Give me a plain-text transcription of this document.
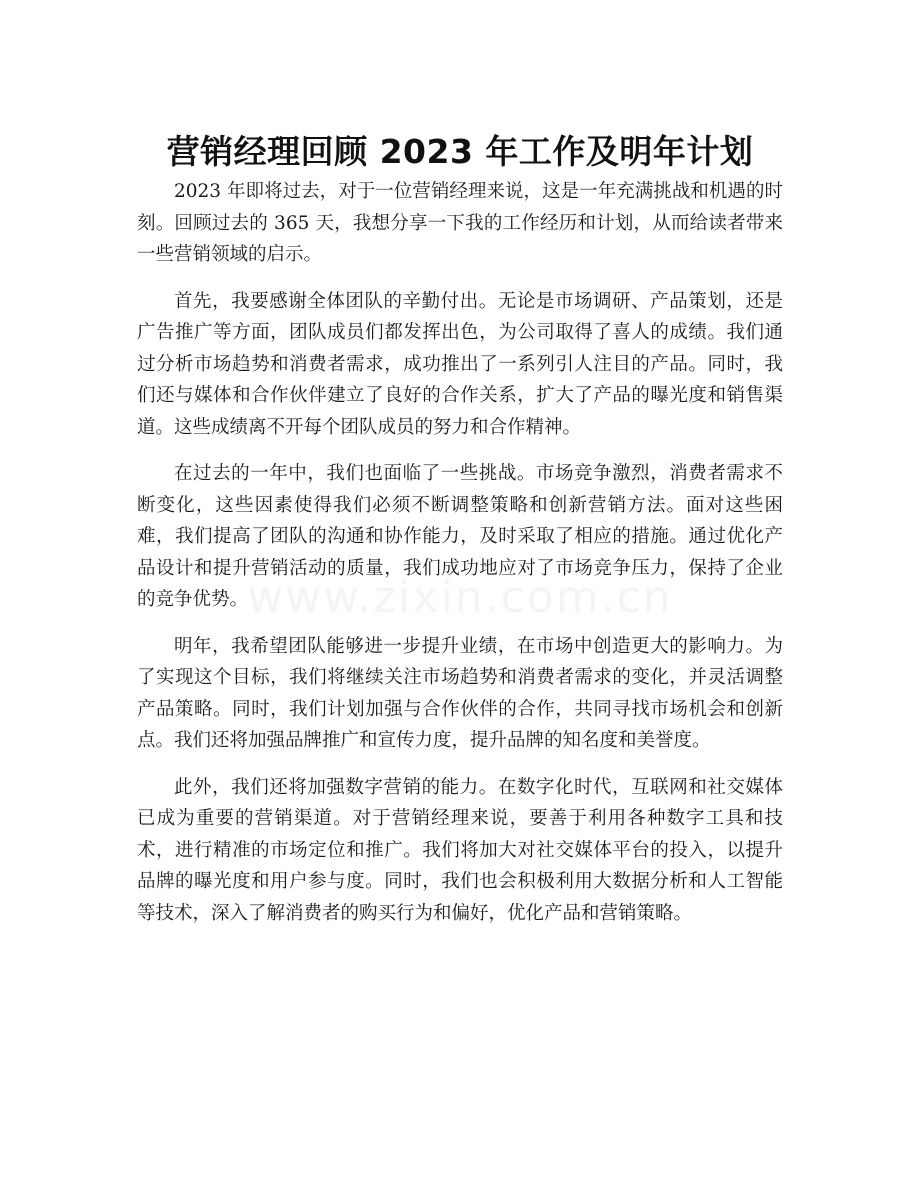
营销经理回顾 2023 年工作及明年计划

2023 年即将过去，对于一位营销经理来说，这是一年充满挑战和机遇的时刻。回顾过去的 365 天，我想分享一下我的工作经历和计划，从而给读者带来一些营销领域的启示。

首先，我要感谢全体团队的辛勤付出。无论是市场调研、产品策划，还是广告推广等方面，团队成员们都发挥出色，为公司取得了喜人的成绩。我们通过分析市场趋势和消费者需求，成功推出了一系列引人注目的产品。同时，我们还与媒体和合作伙伴建立了良好的合作关系，扩大了产品的曝光度和销售渠道。这些成绩离不开每个团队成员的努力和合作精神。

在过去的一年中，我们也面临了一些挑战。市场竞争激烈，消费者需求不断变化，这些因素使得我们必须不断调整策略和创新营销方法。面对这些困难，我们提高了团队的沟通和协作能力，及时采取了相应的措施。通过优化产品设计和提升营销活动的质量，我们成功地应对了市场竞争压力，保持了企业的竞争优势。

明年，我希望团队能够进一步提升业绩，在市场中创造更大的影响力。为了实现这个目标，我们将继续关注市场趋势和消费者需求的变化，并灵活调整产品策略。同时，我们计划加强与合作伙伴的合作，共同寻找市场机会和创新点。我们还将加强品牌推广和宣传力度，提升品牌的知名度和美誉度。

此外，我们还将加强数字营销的能力。在数字化时代，互联网和社交媒体已成为重要的营销渠道。对于营销经理来说，要善于利用各种数字工具和技术，进行精准的市场定位和推广。我们将加大对社交媒体平台的投入，以提升品牌的曝光度和用户参与度。同时，我们也会积极利用大数据分析和人工智能等技术，深入了解消费者的购买行为和偏好，优化产品和营销策略。
